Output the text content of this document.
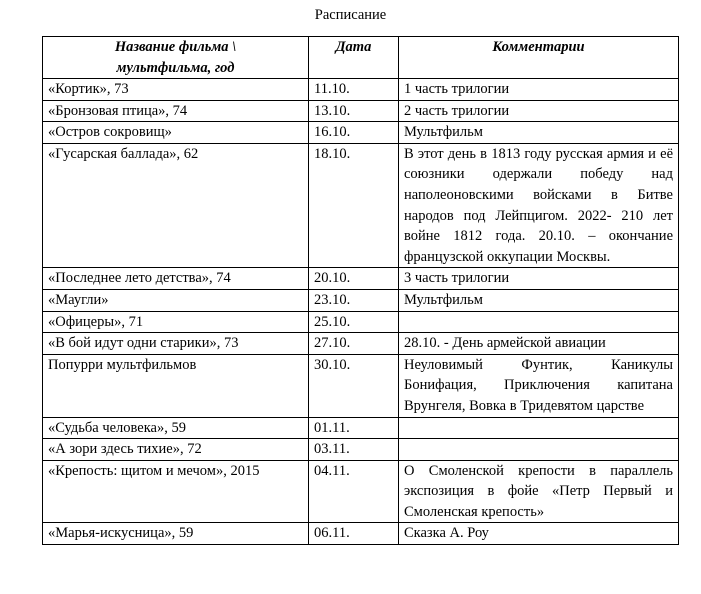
Расписание
Название фильма \ мультфильма, год	Дата	Комментарии
«Кортик», 73	11.10.	1 часть трилогии
«Бронзовая птица», 74	13.10.	2 часть трилогии
«Остров сокровищ»	16.10.	Мультфильм
«Гусарская баллада», 62	18.10.	В этот день в 1813 году русская армия и её союзники одержали победу над наполеоновскими войсками в Битве народов под Лейпцигом. 2022- 210 лет войне 1812 года. 20.10. – окончание французской оккупации Москвы.
«Последнее лето детства», 74	20.10.	3 часть трилогии
«Маугли»	23.10.	Мультфильм
«Офицеры», 71	25.10.	
«В бой идут одни старики», 73	27.10.	28.10. - День армейской авиации
Попурри мультфильмов	30.10.	Неуловимый Фунтик, Каникулы Бонифация, Приключения капитана Врунгеля, Вовка в Тридевятом царстве
«Судьба человека», 59	01.11.	
«А зори здесь тихие», 72	03.11.	
«Крепость: щитом и мечом», 2015	04.11.	О Смоленской крепости в параллель экспозиция в фойе «Петр Первый и Смоленская крепость»
«Марья-искусница», 59	06.11.	Сказка А. Роу
